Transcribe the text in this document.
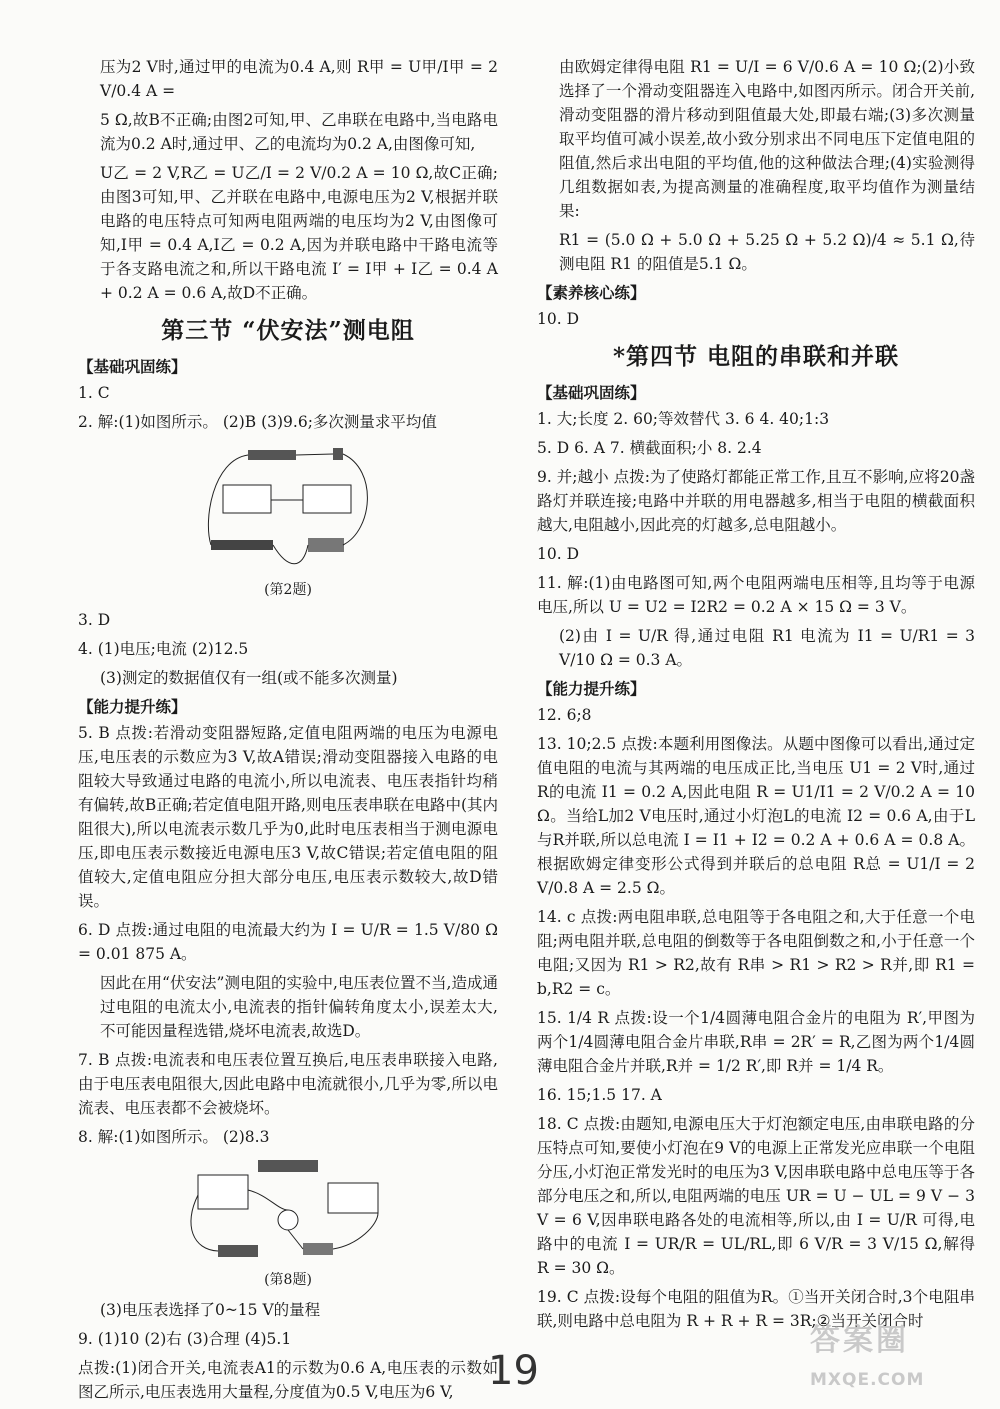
压为2 V时,通过甲的电流为0.4 A,则 R甲 = U甲/I甲 = 2 V/0.4 A =

5 Ω,故B不正确;由图2可知,甲、乙串联在电路中,当电路电流为0.2 A时,通过甲、乙的电流均为0.2 A,由图像可知,

U乙 = 2 V,R乙 = U乙/I = 2 V/0.2 A = 10 Ω,故C正确;由图3可知,甲、乙并联在电路中,电源电压为2 V,根据并联电路的电压特点可知两电阻两端的电压均为2 V,由图像可知,I甲 = 0.4 A,I乙 = 0.2 A,因为并联电路中干路电流等于各支路电流之和,所以干路电流 I′ = I甲 + I乙 = 0.4 A + 0.2 A = 0.6 A,故D不正确。

第三节 “伏安法”测电阻
【基础巩固练】

1. C

2. 解:(1)如图所示。 (2)B (3)9.6;多次测量求平均值

(第2题)

3. D

4. (1)电压;电流 (2)12.5

(3)测定的数据值仅有一组(或不能多次测量)

【能力提升练】

5. B 点拨:若滑动变阻器短路,定值电阻两端的电压为电源电压,电压表的示数应为3 V,故A错误;滑动变阻器接入电路的电阻较大导致通过电路的电流小,所以电流表、电压表指针均稍有偏转,故B正确;若定值电阻开路,则电压表串联在电路中(其内阻很大),所以电流表示数几乎为0,此时电压表相当于测电源电压,即电压表示数接近电源电压3 V,故C错误;若定值电阻的阻值较大,定值电阻应分担大部分电压,电压表示数较大,故D错误。

6. D 点拨:通过电阻的电流最大约为 I = U/R = 1.5 V/80 Ω = 0.01 875 A。

因此在用“伏安法”测电阻的实验中,电压表位置不当,造成通过电阻的电流太小,电流表的指针偏转角度太小,误差太大,不可能因量程选错,烧坏电流表,故选D。

7. B 点拨:电流表和电压表位置互换后,电压表串联接入电路,由于电压表电阻很大,因此电路中电流就很小,几乎为零,所以电流表、电压表都不会被烧坏。

8. 解:(1)如图所示。 (2)8.3

(第8题)

(3)电压表选择了0~15 V的量程

9. (1)10 (2)右 (3)合理 (4)5.1

点拨:(1)闭合开关,电流表A1的示数为0.6 A,电压表的示数如图乙所示,电压表选用大量程,分度值为0.5 V,电压为6 V,

由欧姆定律得电阻 R1 = U/I = 6 V/0.6 A = 10 Ω;(2)小致选择了一个滑动变阻器连入电路中,如图丙所示。闭合开关前,滑动变阻器的滑片移动到阻值最大处,即最右端;(3)多次测量取平均值可减小误差,故小致分别求出不同电压下定值电阻的阻值,然后求出电阻的平均值,他的这种做法合理;(4)实验测得几组数据如表,为提高测量的准确程度,取平均值作为测量结果:

R1 = (5.0 Ω + 5.0 Ω + 5.25 Ω + 5.2 Ω)/4 ≈ 5.1 Ω,待测电阻 R1 的阻值是5.1 Ω。

【素养核心练】

10. D

*第四节 电阻的串联和并联
【基础巩固练】

1. 大;长度 2. 60;等效替代 3. 6 4. 40;1:3

5. D 6. A 7. 横截面积;小 8. 2.4

9. 并;越小 点拨:为了使路灯都能正常工作,且互不影响,应将20盏路灯并联连接;电路中并联的用电器越多,相当于电阻的横截面积越大,电阻越小,因此亮的灯越多,总电阻越小。

10. D

11. 解:(1)由电路图可知,两个电阻两端电压相等,且均等于电源电压,所以 U = U2 = I2R2 = 0.2 A × 15 Ω = 3 V。

(2)由 I = U/R 得,通过电阻 R1 电流为 I1 = U/R1 = 3 V/10 Ω = 0.3 A。

【能力提升练】

12. 6;8

13. 10;2.5 点拨:本题利用图像法。从题中图像可以看出,通过定值电阻的电流与其两端的电压成正比,当电压 U1 = 2 V时,通过R的电流 I1 = 0.2 A,因此电阻 R = U1/I1 = 2 V/0.2 A = 10 Ω。当给L加2 V电压时,通过小灯泡L的电流 I2 = 0.6 A,由于L与R并联,所以总电流 I = I1 + I2 = 0.2 A + 0.6 A = 0.8 A。根据欧姆定律变形公式得到并联后的总电阻 R总 = U1/I = 2 V/0.8 A = 2.5 Ω。

14. c 点拨:两电阻串联,总电阻等于各电阻之和,大于任意一个电阻;两电阻并联,总电阻的倒数等于各电阻倒数之和,小于任意一个电阻;又因为 R1 > R2,故有 R串 > R1 > R2 > R并,即 R1 = b,R2 = c。

15. 1/4 R 点拨:设一个1/4圆薄电阻合金片的电阻为 R′,甲图为两个1/4圆薄电阻合金片串联,R串 = 2R′ = R,乙图为两个1/4圆薄电阻合金片并联,R并 = 1/2 R′,即 R并 = 1/4 R。

16. 15;1.5 17. A

18. C 点拨:由题知,电源电压大于灯泡额定电压,由串联电路的分压特点可知,要使小灯泡在9 V的电源上正常发光应串联一个电阻分压,小灯泡正常发光时的电压为3 V,因串联电路中总电压等于各部分电压之和,所以,电阻两端的电压 UR = U − UL = 9 V − 3 V = 6 V,因串联电路各处的电流相等,所以,由 I = U/R 可得,电路中的电流 I = UR/R = UL/RL,即 6 V/R = 3 V/15 Ω,解得 R = 30 Ω。

19. C 点拨:设每个电阻的阻值为R。①当开关闭合时,3个电阻串联,则电路中总电阻为 R + R + R = 3R;②当开关闭合时

19
答案圈
MXQE.COM
